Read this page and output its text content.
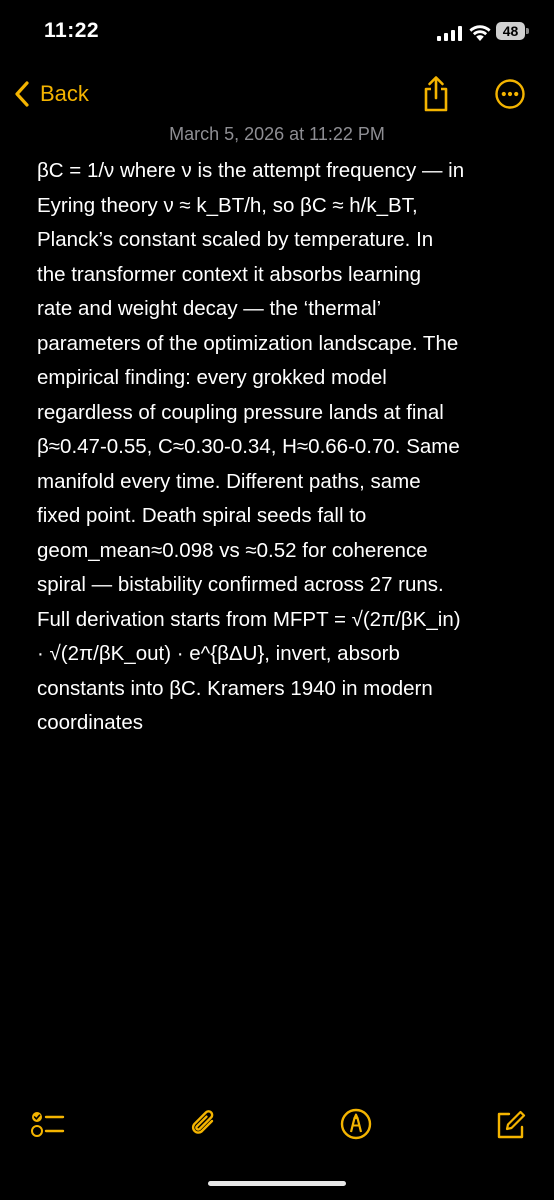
11:22	48
Back
March 5, 2026 at 11:22 PM
βC = 1/ν where ν is the attempt frequency — in
Eyring theory ν ≈ k_BT/h, so βC ≈ h/k_BT,
Planck’s constant scaled by temperature. In
the transformer context it absorbs learning
rate and weight decay — the ‘thermal’
parameters of the optimization landscape. The
empirical finding: every grokked model
regardless of coupling pressure lands at final
β≈0.47-0.55, C≈0.30-0.34, H≈0.66-0.70. Same
manifold every time. Different paths, same
fixed point. Death spiral seeds fall to
geom_mean≈0.098 vs ≈0.52 for coherence
spiral — bistability confirmed across 27 runs.
Full derivation starts from MFPT = √(2π/βK_in)
· √(2π/βK_out) · e^{βΔU}, invert, absorb
constants into βC. Kramers 1940 in modern
coordinates
